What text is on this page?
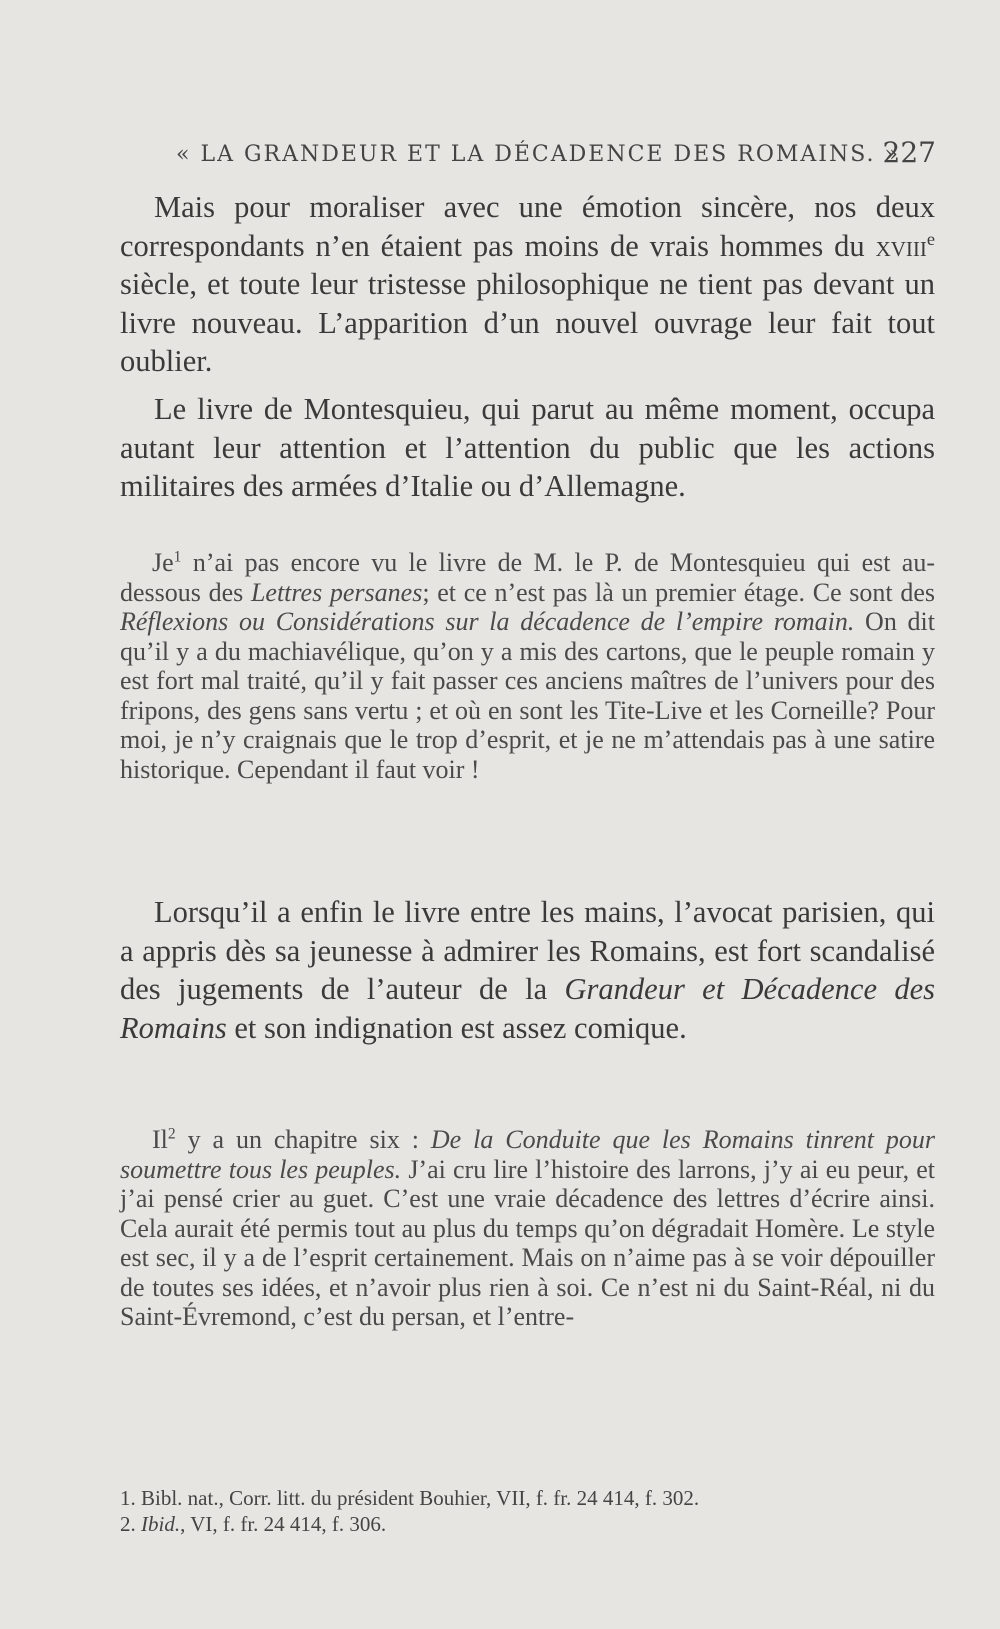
« LA GRANDEUR ET LA DÉCADENCE DES ROMAINS. »
227

Mais pour moraliser avec une émotion sincère, nos deux correspondants n’en étaient pas moins de vrais hommes du xviii$^e$ siècle, et toute leur tristesse philosophique ne tient pas devant un livre nouveau. L’apparition d’un nouvel ouvrage leur fait tout oublier.

Le livre de Montesquieu, qui parut au même moment, occupa autant leur attention et l’attention du public que les actions militaires des armées d’Italie ou d’Allemagne.

Je$^1$ n’ai pas encore vu le livre de M. le P. de Montesquieu qui est au-dessous des Lettres persanes; et ce n’est pas là un premier étage. Ce sont des Réflexions ou Considérations sur la décadence de l’empire romain. On dit qu’il y a du machiavélique, qu’on y a mis des cartons, que le peuple romain y est fort mal traité, qu’il y fait passer ces anciens maîtres de l’univers pour des fripons, des gens sans vertu ; et où en sont les Tite-Live et les Corneille? Pour moi, je n’y craignais que le trop d’esprit, et je ne m’attendais pas à une satire historique. Cependant il faut voir !

Lorsqu’il a enfin le livre entre les mains, l’avocat parisien, qui a appris dès sa jeunesse à admirer les Romains, est fort scandalisé des jugements de l’auteur de la Grandeur et Décadence des Romains et son indignation est assez comique.

Il$^2$ y a un chapitre six : De la Conduite que les Romains tinrent pour soumettre tous les peuples. J’ai cru lire l’histoire des larrons, j’y ai eu peur, et j’ai pensé crier au guet. C’est une vraie décadence des lettres d’écrire ainsi. Cela aurait été permis tout au plus du temps qu’on dégradait Homère. Le style est sec, il y a de l’esprit certainement. Mais on n’aime pas à se voir dépouiller de toutes ses idées, et n’avoir plus rien à soi. Ce n’est ni du Saint-Réal, ni du Saint-Évremond, c’est du persan, et l’entre-

1. Bibl. nat., Corr. litt. du président Bouhier, VII, f. fr. 24 414, f. 302.
2. Ibid., VI, f. fr. 24 414, f. 306.
